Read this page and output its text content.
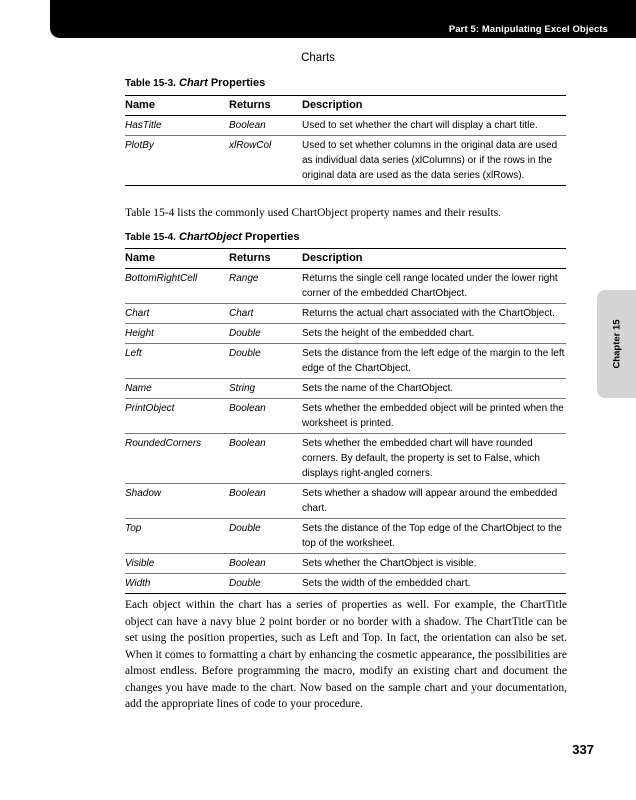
Part 5: Manipulating Excel Objects
Charts
Chapter 15
Table 15-3. Chart Properties
Name	Returns	Description
HasTitle	Boolean	Used to set whether the chart will display a chart title.
PlotBy	xlRowCol	Used to set whether columns in the original data are used as individual data series (xlColumns) or if the rows in the original data are used as the data series (xlRows).
Table 15-4 lists the commonly used ChartObject property names and their results.
Table 15-4. ChartObject Properties
Name	Returns	Description
BottomRightCell	Range	Returns the single cell range located under the lower right corner of the embedded ChartObject.
Chart	Chart	Returns the actual chart associated with the ChartObject.
Height	Double	Sets the height of the embedded chart.
Left	Double	Sets the distance from the left edge of the margin to the left edge of the ChartObject.
Name	String	Sets the name of the ChartObject.
PrintObject	Boolean	Sets whether the embedded object will be printed when the worksheet is printed.
RoundedCorners	Boolean	Sets whether the embedded chart will have rounded corners. By default, the property is set to False, which displays right-angled corners.
Shadow	Boolean	Sets whether a shadow will appear around the embedded chart.
Top	Double	Sets the distance of the Top edge of the ChartObject to the top of the worksheet.
Visible	Boolean	Sets whether the ChartObject is visible.
Width	Double	Sets the width of the embedded chart.
Each object within the chart has a series of properties as well. For example, the ChartTitle object can have a navy blue 2 point border or no border with a shadow. The ChartTitle can be set using the position properties, such as Left and Top. In fact, the orientation can also be set. When it comes to formatting a chart by enhancing the cosmetic appearance, the possibilities are almost endless. Before programming the macro, modify an existing chart and document the changes you have made to the chart. Now based on the sample chart and your documentation, add the appropriate lines of code to your procedure.
337
